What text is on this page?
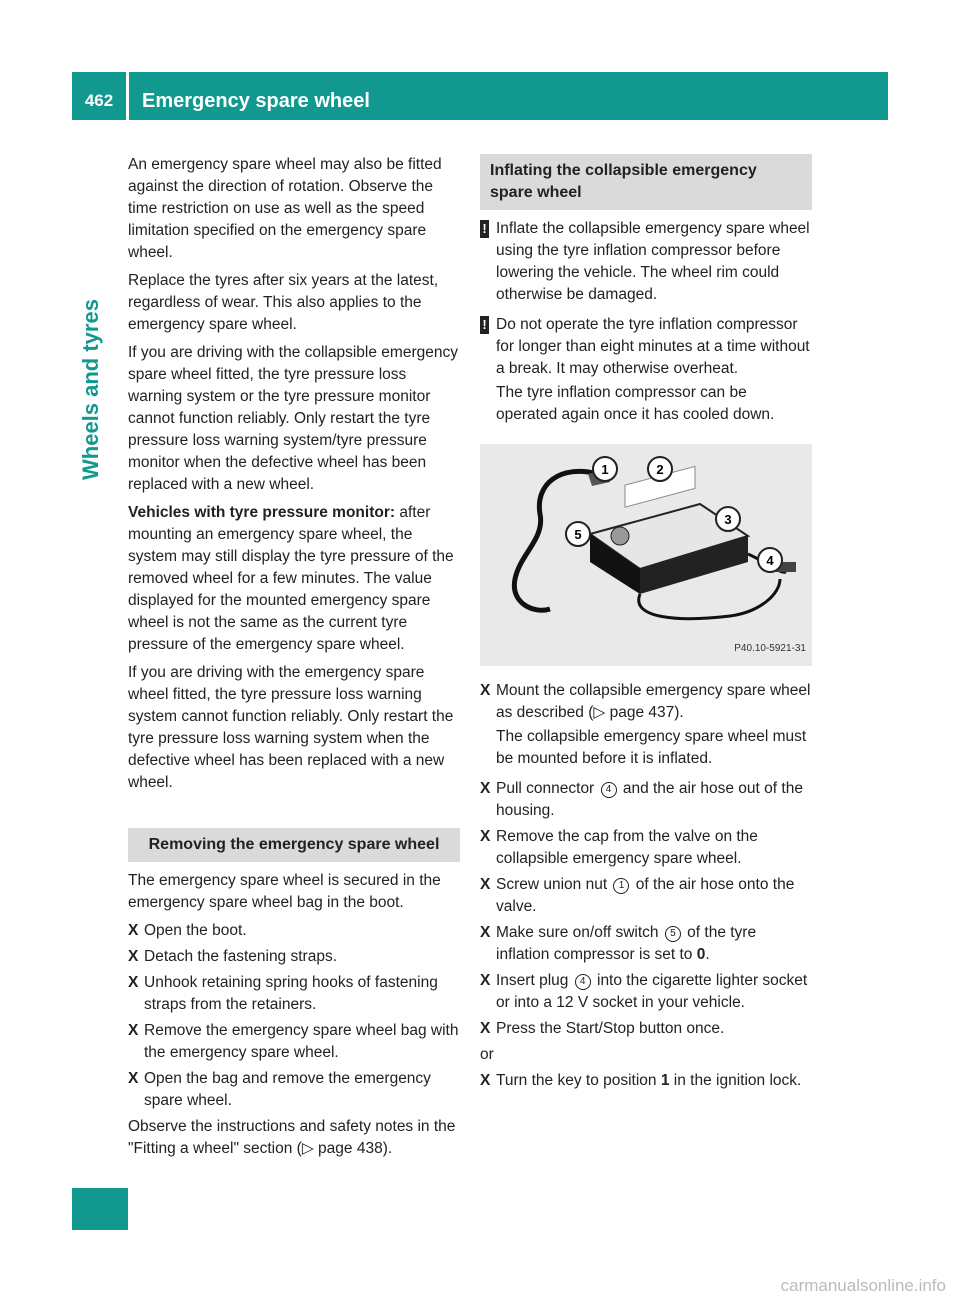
462	Emergency spare wheel
Wheels and tyres

An emergency spare wheel may also be fitted against the direction of rotation. Observe the time restriction on use as well as the speed limitation specified on the emergency spare wheel.

Replace the tyres after six years at the latest, regardless of wear. This also applies to the emergency spare wheel.

If you are driving with the collapsible emergency spare wheel fitted, the tyre pressure loss warning system or the tyre pressure monitor cannot function reliably. Only restart the tyre pressure loss warning system/tyre pressure monitor when the defective wheel has been replaced with a new wheel.

Vehicles with tyre pressure monitor: after mounting an emergency spare wheel, the system may still display the tyre pressure of the removed wheel for a few minutes. The value displayed for the mounted emergency spare wheel is not the same as the current tyre pressure of the emergency spare wheel.

If you are driving with the emergency spare wheel fitted, the tyre pressure loss warning system cannot function reliably. Only restart the tyre pressure loss warning system when the defective wheel has been replaced with a new wheel.

Removing the emergency spare wheel

The emergency spare wheel is secured in the emergency spare wheel bag in the boot.

X Open the boot.
X Detach the fastening straps.
X Unhook retaining spring hooks of fastening straps from the retainers.
X Remove the emergency spare wheel bag with the emergency spare wheel.
X Open the bag and remove the emergency spare wheel.

Observe the instructions and safety notes in the "Fitting a wheel" section (▷ page 438).

Inflating the collapsible emergency spare wheel
! Inflate the collapsible emergency spare wheel using the tyre inflation compressor before lowering the vehicle. The wheel rim could otherwise be damaged.
! Do not operate the tyre inflation compressor for longer than eight minutes at a time without a break. It may otherwise overheat.
The tyre inflation compressor can be operated again once it has cooled down.
1	2
3
4
5
P40.10-5921-31
X Mount the collapsible emergency spare wheel as described (▷ page 437).
The collapsible emergency spare wheel must be mounted before it is inflated.
X Pull connector 4 and the air hose out of the housing.
X Remove the cap from the valve on the collapsible emergency spare wheel.
X Screw union nut 1 of the air hose onto the valve.
X Make sure on/off switch 5 of the tyre inflation compressor is set to 0.
X Insert plug 4 into the cigarette lighter socket or into a 12 V socket in your vehicle.
X Press the Start/Stop button once.
or
X Turn the key to position 1 in the ignition lock.
carmanualsonline.info
